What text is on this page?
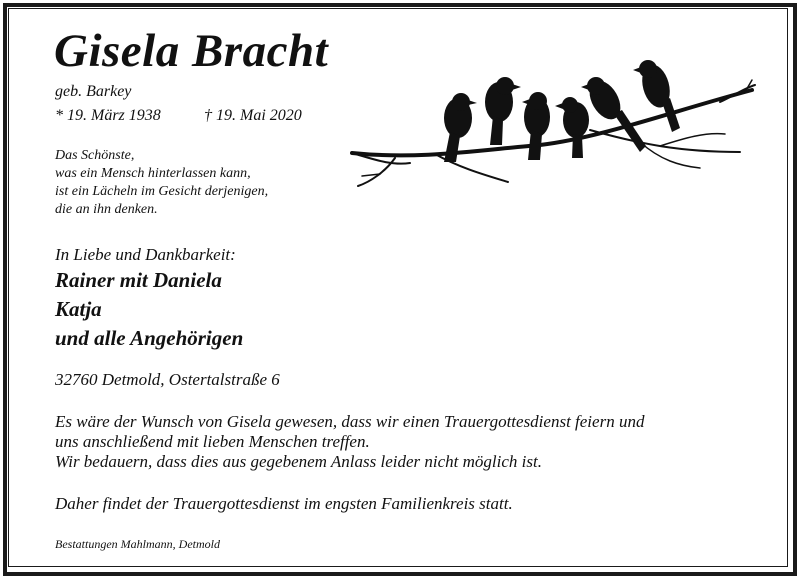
Gisela Bracht
geb. Barkey
* 19. März 1938	† 19. Mai 2020
Das Schönste,
was ein Mensch hinterlassen kann,
ist ein Lächeln im Gesicht derjenigen,
die an ihn denken.
In Liebe und Dankbarkeit:
Rainer mit Daniela
Katja
und alle Angehörigen
32760 Detmold, Ostertalstraße 6
Es wäre der Wunsch von Gisela gewesen, dass wir einen Trauergottesdienst feiern und
uns anschließend mit lieben Menschen treffen.
Wir bedauern, dass dies aus gegebenem Anlass leider nicht möglich ist.
Daher findet der Trauergottesdienst im engsten Familienkreis statt.
Bestattungen Mahlmann, Detmold
